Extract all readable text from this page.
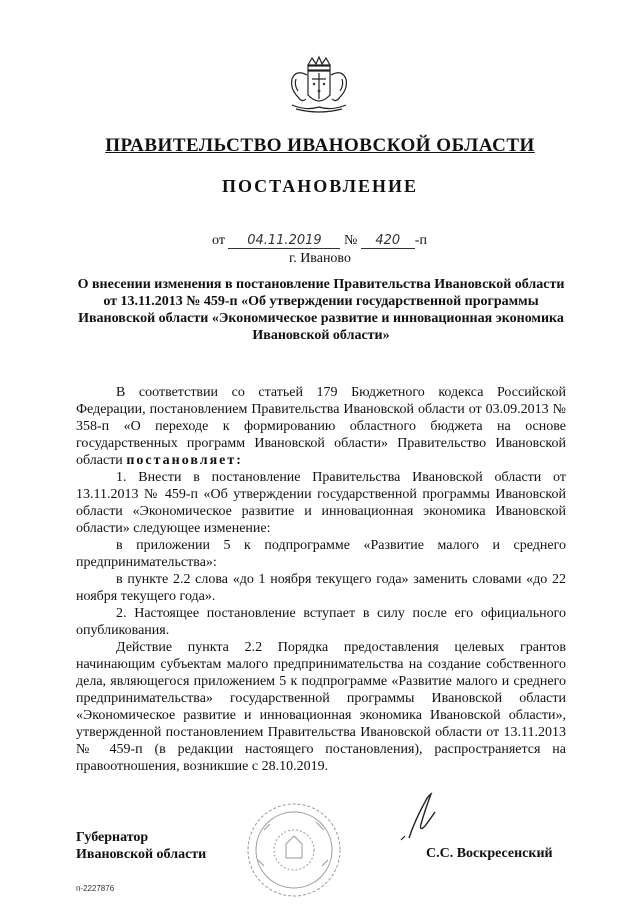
ПРАВИТЕЛЬСТВО ИВАНОВСКОЙ ОБЛАСТИ
ПОСТАНОВЛЕНИЕ
от 04.11.2019 № 420 -п
г. Иваново
О внесении изменения в постановление Правительства Ивановской области от 13.11.2013 № 459-п «Об утверждении государственной программы Ивановской области «Экономическое развитие и инновационная экономика Ивановской области»

В соответствии со статьей 179 Бюджетного кодекса Российской Федерации, постановлением Правительства Ивановской области от 03.09.2013 № 358-п «О переходе к формированию областного бюджета на основе государственных программ Ивановской области» Правительство Ивановской области постановляет:

1. Внести в постановление Правительства Ивановской области от 13.11.2013 № 459-п «Об утверждении государственной программы Ивановской области «Экономическое развитие и инновационная экономика Ивановской области» следующее изменение:

в приложении 5 к подпрограмме «Развитие малого и среднего предпринимательства»:

в пункте 2.2 слова «до 1 ноября текущего года» заменить словами «до 22 ноября текущего года».

2. Настоящее постановление вступает в силу после его официального опубликования.

Действие пункта 2.2 Порядка предоставления целевых грантов начинающим субъектам малого предпринимательства на создание собственного дела, являющегося приложением 5 к подпрограмме «Развитие малого и среднего предпринимательства» государственной программы Ивановской области «Экономическое развитие и инновационная экономика Ивановской области», утвержденной постановлением Правительства Ивановской области от 13.11.2013 № 459-п (в редакции настоящего постановления), распространяется на правоотношения, возникшие с 28.10.2019.

Губернатор
Ивановской области	С.С. Воскресенский
п-2227876
